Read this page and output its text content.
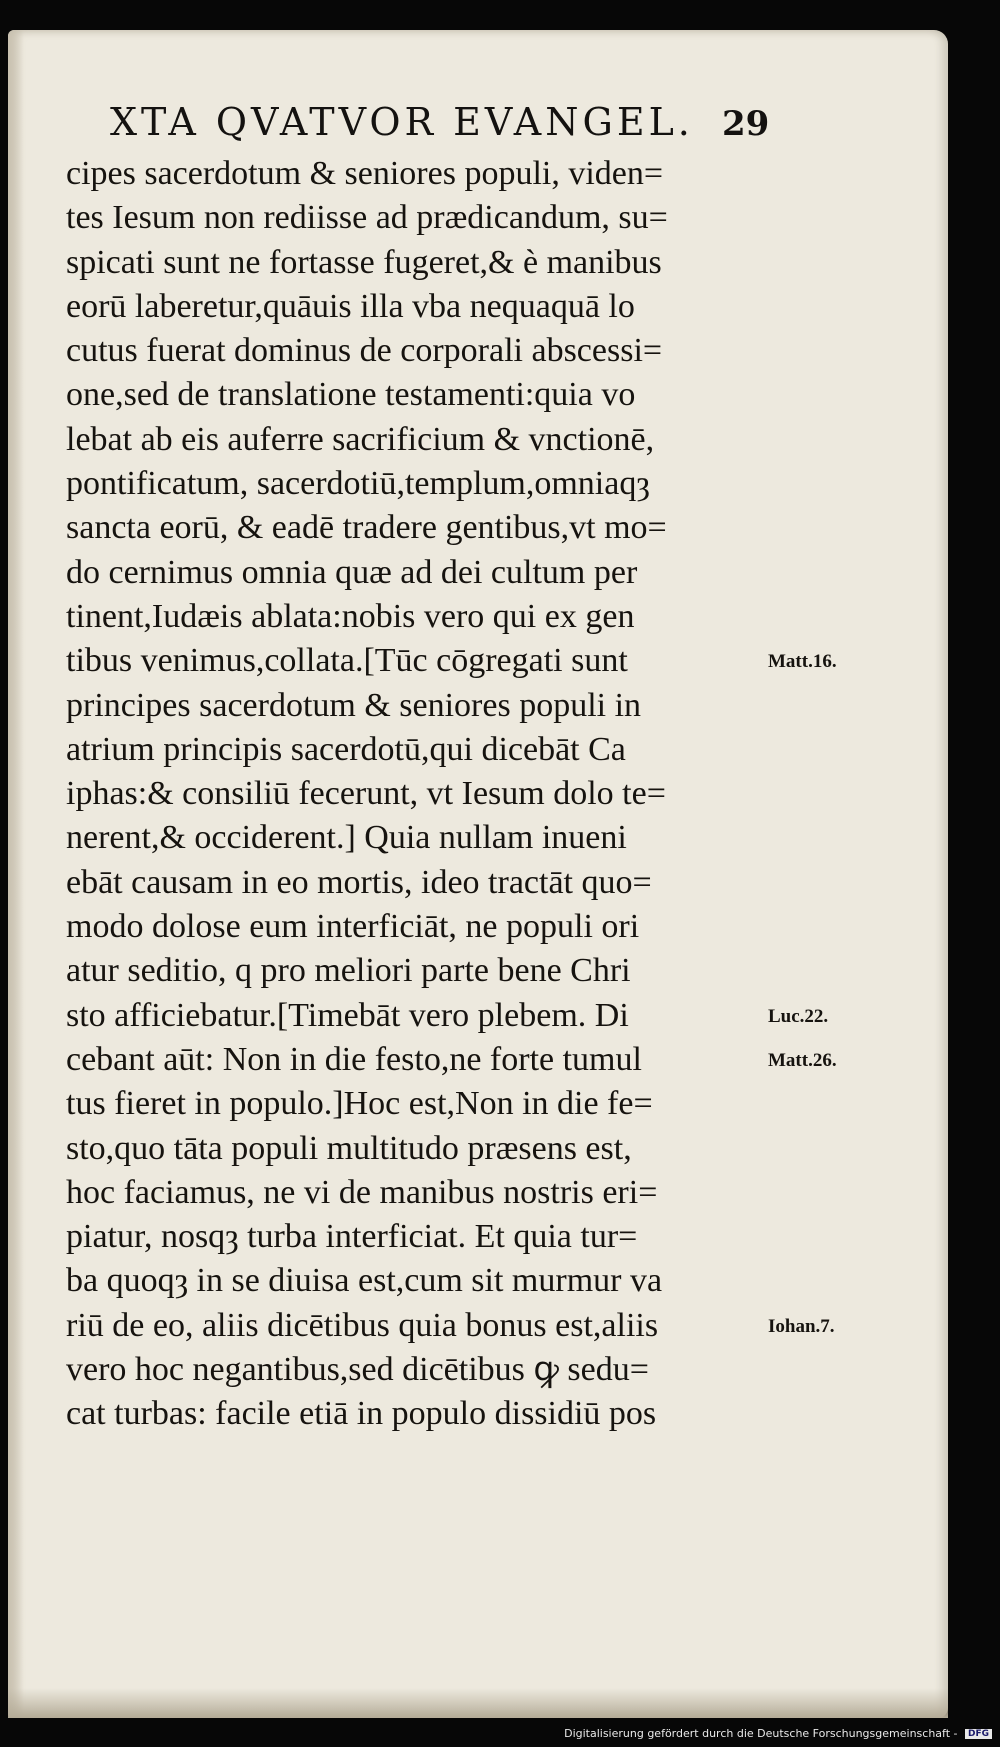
XTA QVATVOR EVANGEL. 29
cipes sacerdotum & seniores populi, viden=
tes Iesum non rediisse ad prædicandum, su=
spicati sunt ne fortasse fugeret,& è manibus
eorū laberetur,quāuis illa vba nequaquā lo
cutus fuerat dominus de corporali abscessi=
one,sed de translatione testamenti:quia vo
lebat ab eis auferre sacrificium & vnctionē,
pontificatum, sacerdotiū,templum,omniaqȝ
sancta eorū, & eadē tradere gentibus,vt mo=
do cernimus omnia quæ ad dei cultum per
tinent,Iudæis ablata:nobis vero qui ex gen
tibus venimus,collata.[Tūc cōgregati sunt
principes sacerdotum & seniores populi in
atrium principis sacerdotū,qui dicebāt Ca
iphas:& consiliū fecerunt, vt Iesum dolo te=
nerent,& occiderent.] Quia nullam inueni
ebāt causam in eo mortis, ideo tractāt quo=
modo dolose eum interficiāt, ne populi ori
atur seditio, q pro meliori parte bene Chri
sto afficiebatur.[Timebāt vero plebem. Di
cebant aūt: Non in die festo,ne forte tumul
tus fieret in populo.]Hoc est,Non in die fe=
sto,quo tāta populi multitudo præsens est,
hoc faciamus, ne vi de manibus nostris eri=
piatur, nosqȝ turba interficiat. Et quia tur=
ba quoqȝ in se diuisa est,cum sit murmur va
riū de eo, aliis dicētibus quia bonus est,aliis
vero hoc negantibus,sed dicētibus ꝙ sedu=
cat turbas: facile etiā in populo dissidiū pos
Matt.16.
Luc.22.
Matt.26.
Iohan.7.
Digitalisierung gefördert durch die Deutsche Forschungsgemeinschaft - DFG
